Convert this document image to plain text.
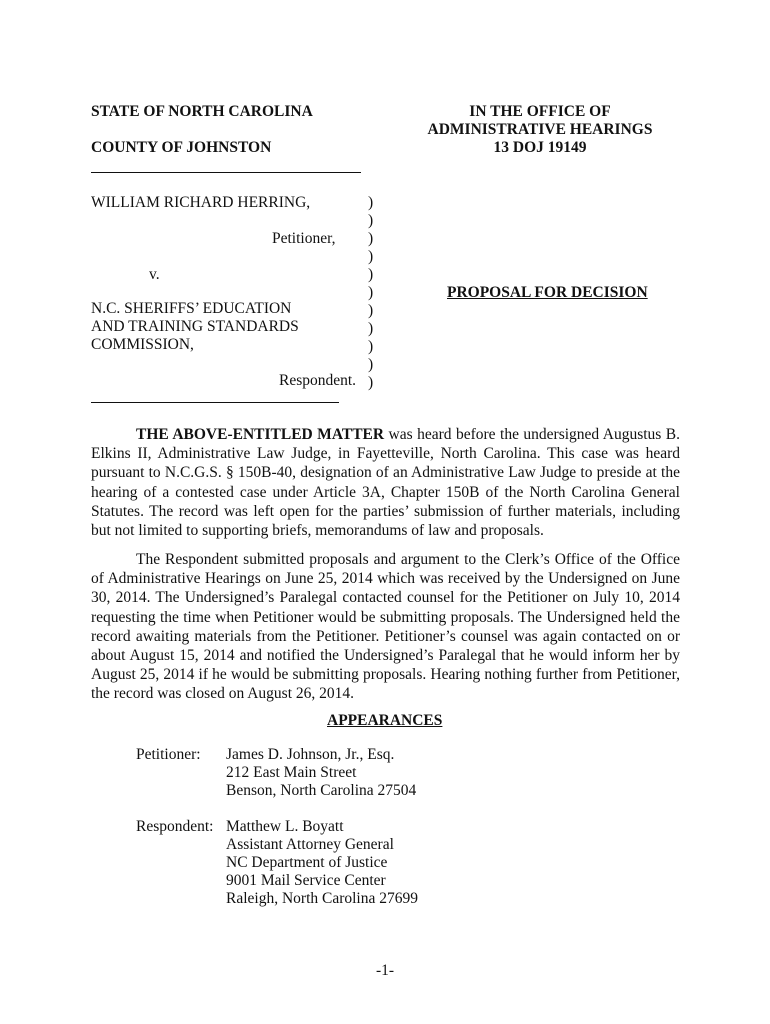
STATE OF NORTH CAROLINA
COUNTY OF JOHNSTON
IN THE OFFICE OF
ADMINISTRATIVE HEARINGS
13 DOJ 19149
WILLIAM RICHARD HERRING,
Petitioner,
v.
N.C. SHERIFFS’ EDUCATION
AND TRAINING STANDARDS
COMMISSION,
Respondent.
)
)
)
)
)
)
)
)
)
)
)
PROPOSAL FOR DECISION
THE ABOVE-ENTITLED MATTER was heard before the undersigned Augustus B. Elkins II, Administrative Law Judge, in Fayetteville, North Carolina. This case was heard pursuant to N.C.G.S. § 150B-40, designation of an Administrative Law Judge to preside at the hearing of a contested case under Article 3A, Chapter 150B of the North Carolina General Statutes. The record was left open for the parties’ submission of further materials, including but not limited to supporting briefs, memorandums of law and proposals.
The Respondent submitted proposals and argument to the Clerk’s Office of the Office of Administrative Hearings on June 25, 2014 which was received by the Undersigned on June 30, 2014. The Undersigned’s Paralegal contacted counsel for the Petitioner on July 10, 2014 requesting the time when Petitioner would be submitting proposals. The Undersigned held the record awaiting materials from the Petitioner. Petitioner’s counsel was again contacted on or about August 15, 2014 and notified the Undersigned’s Paralegal that he would inform her by August 25, 2014 if he would be submitting proposals. Hearing nothing further from Petitioner, the record was closed on August 26, 2014.
APPEARANCES
Petitioner: James D. Johnson, Jr., Esq.
212 East Main Street
Benson, North Carolina 27504
Respondent: Matthew L. Boyatt
Assistant Attorney General
NC Department of Justice
9001 Mail Service Center
Raleigh, North Carolina 27699
-1-
